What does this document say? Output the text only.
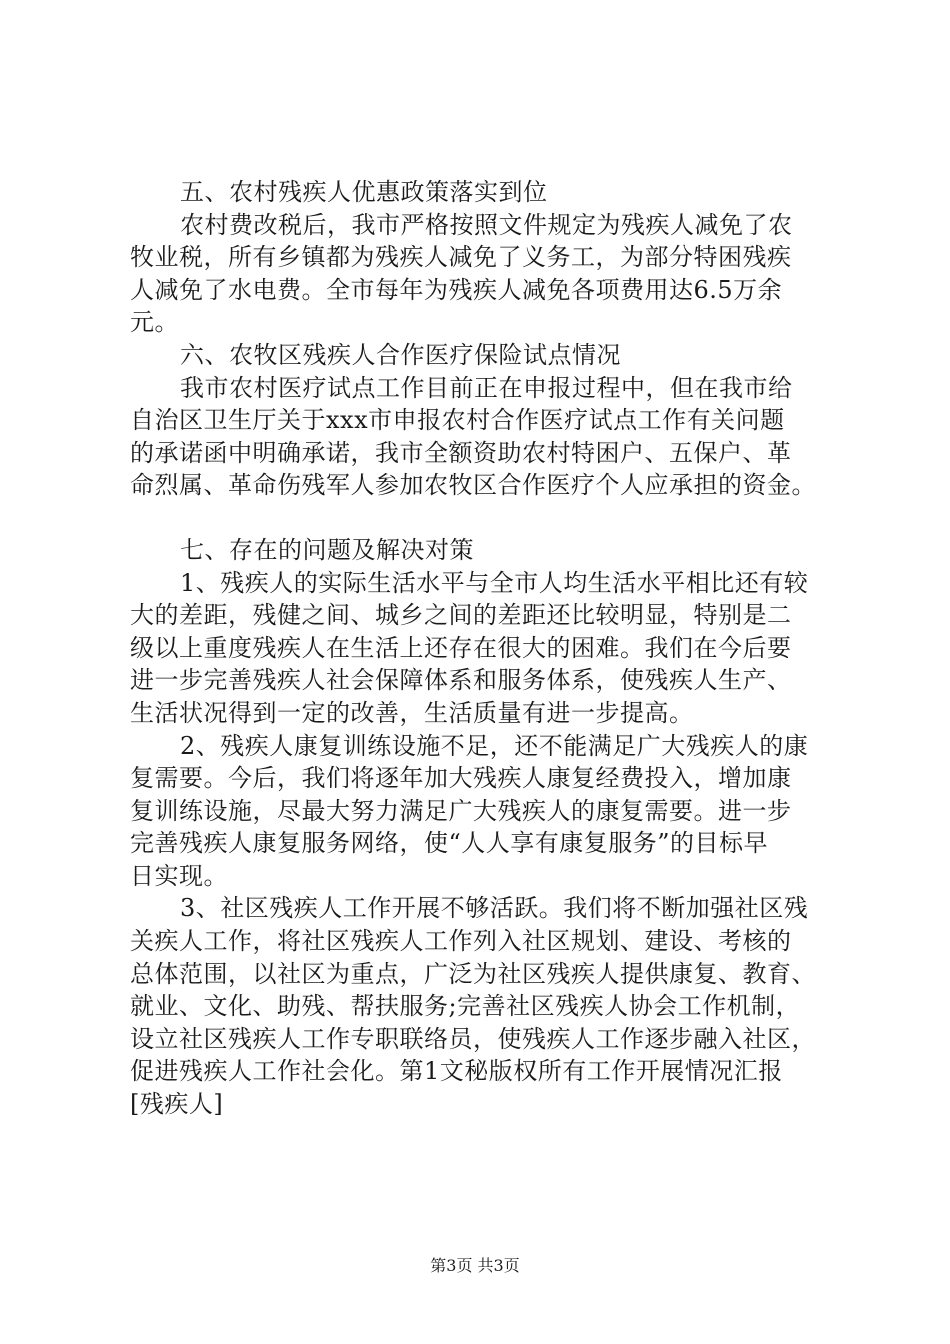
五、农村残疾人优惠政策落实到位
农村费改税后，我市严格按照文件规定为残疾人减免了农
牧业税，所有乡镇都为残疾人减免了义务工，为部分特困残疾
人减免了水电费。全市每年为残疾人减免各项费用达6.5万余
元。
六、农牧区残疾人合作医疗保险试点情况
我市农村医疗试点工作目前正在申报过程中，但在我市给
自治区卫生厅关于xxx市申报农村合作医疗试点工作有关问题
的承诺函中明确承诺，我市全额资助农村特困户、五保户、革
命烈属、革命伤残军人参加农牧区合作医疗个人应承担的资金。
七、存在的问题及解决对策
1、残疾人的实际生活水平与全市人均生活水平相比还有较
大的差距，残健之间、城乡之间的差距还比较明显，特别是二
级以上重度残疾人在生活上还存在很大的困难。我们在今后要
进一步完善残疾人社会保障体系和服务体系，使残疾人生产、
生活状况得到一定的改善，生活质量有进一步提高。
2、残疾人康复训练设施不足，还不能满足广大残疾人的康
复需要。今后，我们将逐年加大残疾人康复经费投入，增加康
复训练设施，尽最大努力满足广大残疾人的康复需要。进一步
完善残疾人康复服务网络，使“人人享有康复服务”的目标早
日实现。
3、社区残疾人工作开展不够活跃。我们将不断加强社区残
关疾人工作，将社区残疾人工作列入社区规划、建设、考核的
总体范围，以社区为重点，广泛为社区残疾人提供康复、教育、
就业、文化、助残、帮扶服务;完善社区残疾人协会工作机制，
设立社区残疾人工作专职联络员，使残疾人工作逐步融入社区，
促进残疾人工作社会化。第1文秘版权所有工作开展情况汇报
[残疾人]
第3页 共3页
